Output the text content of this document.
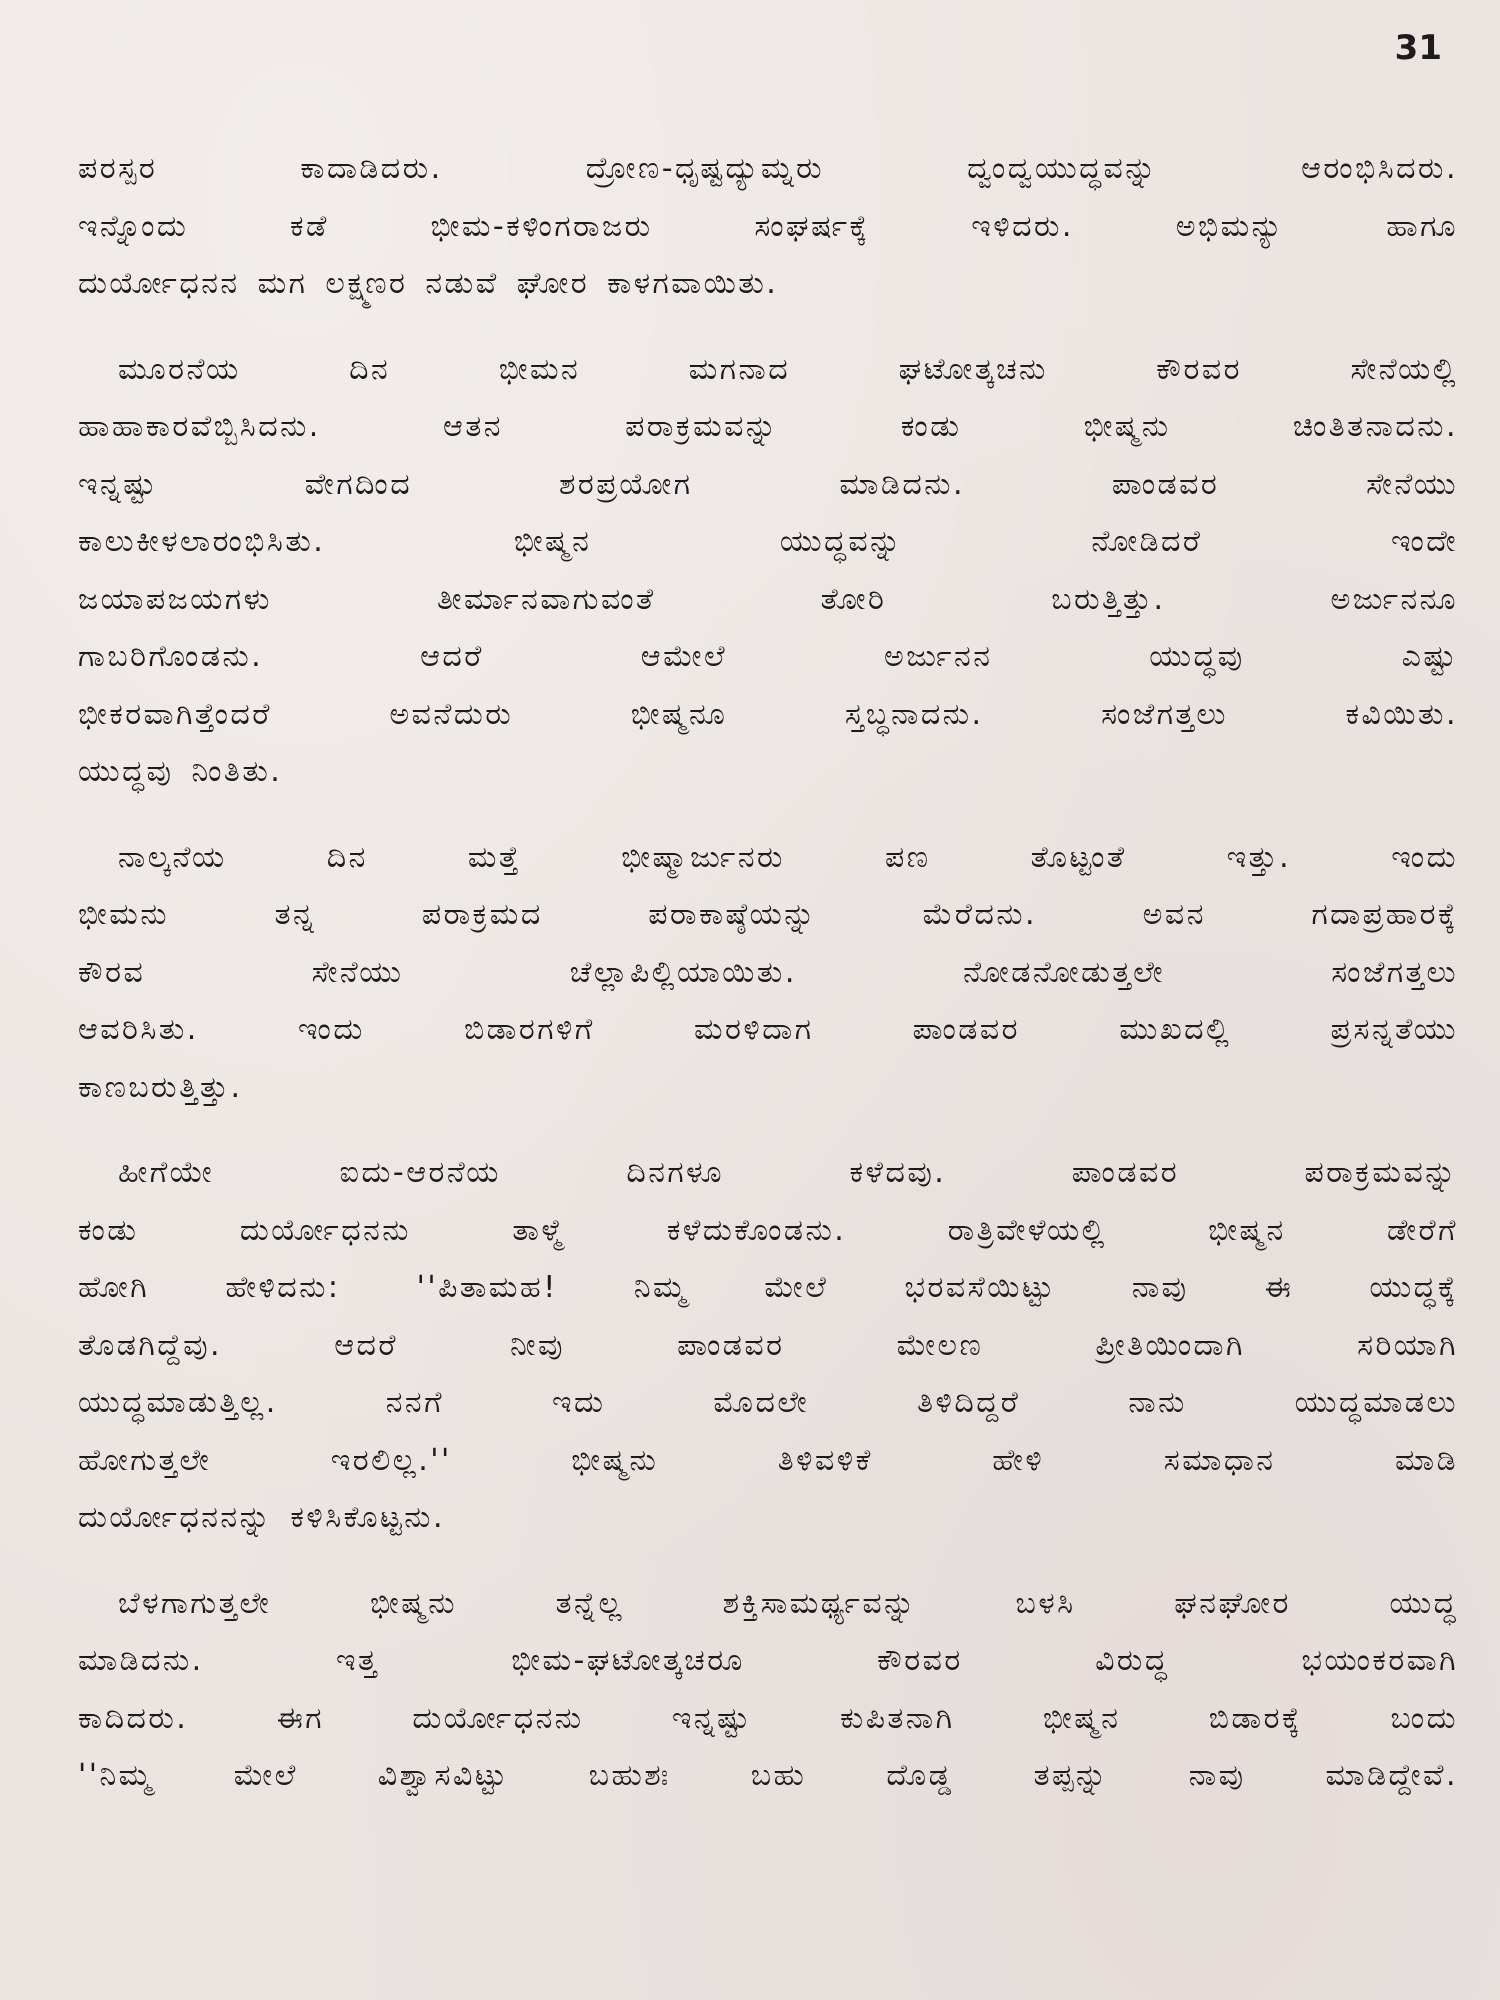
31
ಪರಸ್ಪರ ಕಾದಾಡಿದರು. ದ್ರೋಣ-ಧೃಷ್ಟದ್ಯುಮ್ನರು ದ್ವಂದ್ವಯುದ್ಧವನ್ನು ಆರಂಭಿಸಿದರು.
ಇನ್ನೊಂದು ಕಡೆ ಭೀಮ-ಕಳಿಂಗರಾಜರು ಸಂಘರ್ಷಕ್ಕೆ ಇಳಿದರು. ಅಭಿಮನ್ಯು ಹಾಗೂ
ದುರ್ಯೋಧನನ ಮಗ ಲಕ್ಷ್ಮಣರ ನಡುವೆ ಘೋರ ಕಾಳಗವಾಯಿತು.
ಮೂರನೆಯ ದಿನ ಭೀಮನ ಮಗನಾದ ಘಟೋತ್ಕಚನು ಕೌರವರ ಸೇನೆಯಲ್ಲಿ
ಹಾಹಾಕಾರವೆಬ್ಬಿಸಿದನು. ಆತನ ಪರಾಕ್ರಮವನ್ನು ಕಂಡು ಭೀಷ್ಮನು ಚಿಂತಿತನಾದನು.
ಇನ್ನಷ್ಟು ವೇಗದಿಂದ ಶರಪ್ರಯೋಗ ಮಾಡಿದನು. ಪಾಂಡವರ ಸೇನೆಯು
ಕಾಲುಕೀಳಲಾರಂಭಿಸಿತು. ಭೀಷ್ಮನ ಯುದ್ಧವನ್ನು ನೋಡಿದರೆ ಇಂದೇ
ಜಯಾಪಜಯಗಳು ತೀರ್ಮಾನವಾಗುವಂತೆ ತೋರಿ ಬರುತ್ತಿತ್ತು. ಅರ್ಜುನನೂ
ಗಾಬರಿಗೊಂಡನು. ಆದರೆ ಆಮೇಲೆ ಅರ್ಜುನನ ಯುದ್ಧವು ಎಷ್ಟು
ಭೀಕರವಾಗಿತ್ತೆಂದರೆ ಅವನೆದುರು ಭೀಷ್ಮನೂ ಸ್ತಬ್ಧನಾದನು. ಸಂಜೆಗತ್ತಲು ಕವಿಯಿತು.
ಯುದ್ಧವು ನಿಂತಿತು.
ನಾಲ್ಕನೆಯ ದಿನ ಮತ್ತೆ ಭೀಷ್ಮಾರ್ಜುನರು ಪಣ ತೊಟ್ಟಂತೆ ಇತ್ತು. ಇಂದು
ಭೀಮನು ತನ್ನ ಪರಾಕ್ರಮದ ಪರಾಕಾಷ್ಠೆಯನ್ನು ಮೆರೆದನು. ಅವನ ಗದಾಪ್ರಹಾರಕ್ಕೆ
ಕೌರವ ಸೇನೆಯು ಚೆಲ್ಲಾಪಿಲ್ಲಿಯಾಯಿತು. ನೋಡನೋಡುತ್ತಲೇ ಸಂಜೆಗತ್ತಲು
ಆವರಿಸಿತು. ಇಂದು ಬಿಡಾರಗಳಿಗೆ ಮರಳಿದಾಗ ಪಾಂಡವರ ಮುಖದಲ್ಲಿ ಪ್ರಸನ್ನತೆಯು
ಕಾಣಬರುತ್ತಿತ್ತು.
ಹೀಗೆಯೇ ಐದು-ಆರನೆಯ ದಿನಗಳೂ ಕಳೆದವು. ಪಾಂಡವರ ಪರಾಕ್ರಮವನ್ನು
ಕಂಡು ದುರ್ಯೋಧನನು ತಾಳ್ಮೆ ಕಳೆದುಕೊಂಡನು. ರಾತ್ರಿವೇಳೆಯಲ್ಲಿ ಭೀಷ್ಮನ ಡೇರೆಗೆ
ಹೋಗಿ ಹೇಳಿದನು: ''ಪಿತಾಮಹ! ನಿಮ್ಮ ಮೇಲೆ ಭರವಸೆಯಿಟ್ಟು ನಾವು ಈ ಯುದ್ಧಕ್ಕೆ
ತೊಡಗಿದ್ದೆವು. ಆದರೆ ನೀವು ಪಾಂಡವರ ಮೇಲಣ ಪ್ರೀತಿಯಿಂದಾಗಿ ಸರಿಯಾಗಿ
ಯುದ್ಧಮಾಡುತ್ತಿಲ್ಲ. ನನಗೆ ಇದು ಮೊದಲೇ ತಿಳಿದಿದ್ದರೆ ನಾನು ಯುದ್ಧಮಾಡಲು
ಹೋಗುತ್ತಲೇ ಇರಲಿಲ್ಲ.'' ಭೀಷ್ಮನು ತಿಳಿವಳಿಕೆ ಹೇಳಿ ಸಮಾಧಾನ ಮಾಡಿ
ದುರ್ಯೋಧನನನ್ನು ಕಳಿಸಿಕೊಟ್ಟನು.
ಬೆಳಗಾಗುತ್ತಲೇ ಭೀಷ್ಮನು ತನ್ನೆಲ್ಲ ಶಕ್ತಿಸಾಮರ್ಥ್ಯವನ್ನು ಬಳಸಿ ಘನಘೋರ ಯುದ್ಧ
ಮಾಡಿದನು. ಇತ್ತ ಭೀಮ-ಘಟೋತ್ಕಚರೂ ಕೌರವರ ವಿರುದ್ಧ ಭಯಂಕರವಾಗಿ
ಕಾದಿದರು. ಈಗ ದುರ್ಯೋಧನನು ಇನ್ನಷ್ಟು ಕುಪಿತನಾಗಿ ಭೀಷ್ಮನ ಬಿಡಾರಕ್ಕೆ ಬಂದು
''ನಿಮ್ಮ ಮೇಲೆ ವಿಶ್ವಾಸವಿಟ್ಟು ಬಹುಶಃ ಬಹು ದೊಡ್ಡ ತಪ್ಪನ್ನು ನಾವು ಮಾಡಿದ್ದೇವೆ.
